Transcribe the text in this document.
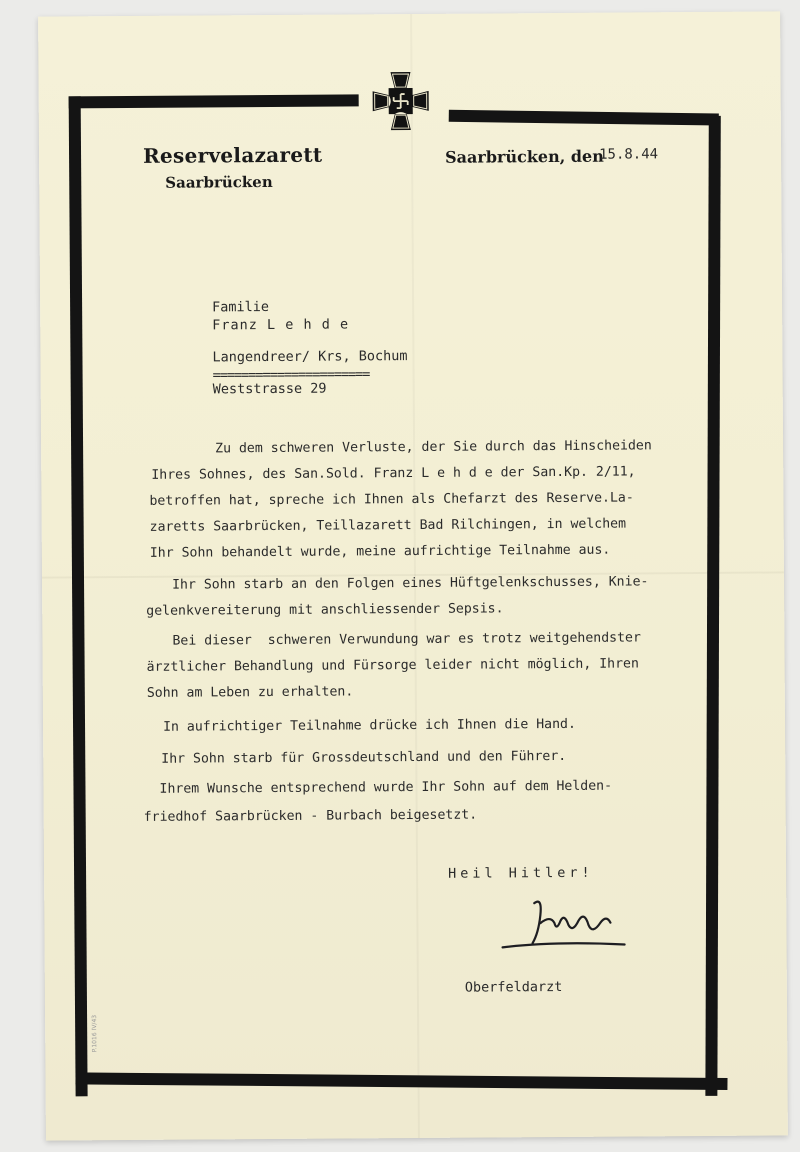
Reservelazarett
Saarbrücken
Saarbrücken, den
15.8.44
Familie
Franz L e h d e
Langendreer/ Krs, Bochum
======================
Weststrasse 29
Zu dem schweren Verluste, der Sie durch das Hinscheiden
Ihres Sohnes, des San.Sold. Franz L e h d e der San.Kp. 2/11,
betroffen hat, spreche ich Ihnen als Chefarzt des Reserve.La-
zaretts Saarbrücken, Teillazarett Bad Rilchingen, in welchem
Ihr Sohn behandelt wurde, meine aufrichtige Teilnahme aus.
Ihr Sohn starb an den Folgen eines Hüftgelenkschusses, Knie-
gelenkvereiterung mit anschliessender Sepsis.
Bei dieser  schweren Verwundung war es trotz weitgehendster
ärztlicher Behandlung und Fürsorge leider nicht möglich, Ihren
Sohn am Leben zu erhalten.
In aufrichtiger Teilnahme drücke ich Ihnen die Hand.
Ihr Sohn starb für Grossdeutschland und den Führer.
Ihrem Wunsche entsprechend wurde Ihr Sohn auf dem Helden-
friedhof Saarbrücken - Burbach beigesetzt.
Heil Hitler!
Oberfeldarzt
P.1016 IV/43
